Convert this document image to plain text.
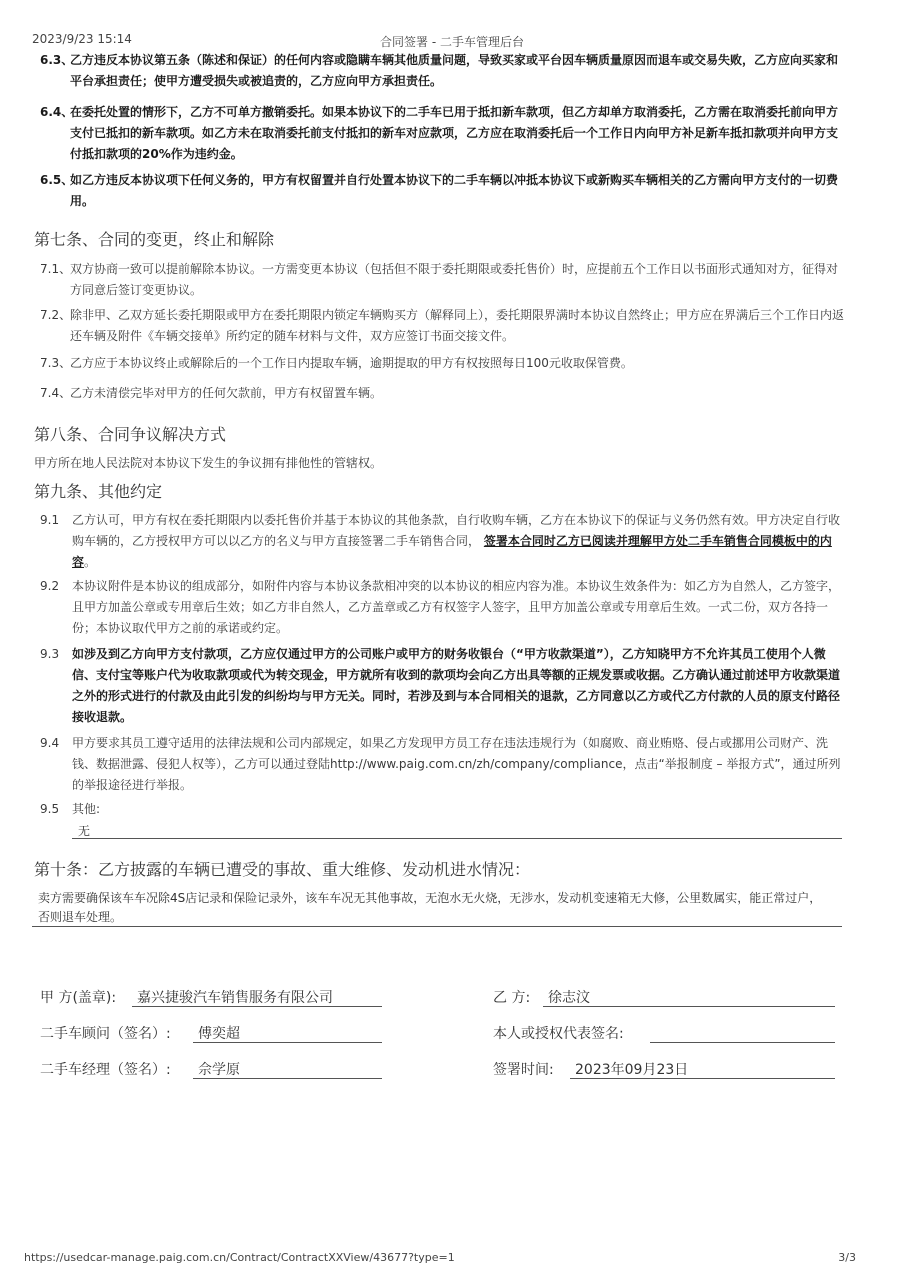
2023/9/23 15:14	合同签署 - 二手车管理后台
6.3、
乙方违反本协议第五条（陈述和保证）的任何内容或隐瞒车辆其他质量问题，导致买家或平台因车辆质量原因而退车或交易失败，乙方应向买家和平台承担责任；使甲方遭受损失或被追责的，乙方应向甲方承担责任。
6.4、
在委托处置的情形下，乙方不可单方撤销委托。如果本协议下的二手车已用于抵扣新车款项，但乙方却单方取消委托，乙方需在取消委托前向甲方支付已抵扣的新车款项。如乙方未在取消委托前支付抵扣的新车对应款项，乙方应在取消委托后一个工作日内向甲方补足新车抵扣款项并向甲方支付抵扣款项的20%作为违约金。
6.5、
如乙方违反本协议项下任何义务的，甲方有权留置并自行处置本协议下的二手车辆以冲抵本协议下或新购买车辆相关的乙方需向甲方支付的一切费用。
第七条、合同的变更，终止和解除
7.1、
双方协商一致可以提前解除本协议。一方需变更本协议（包括但不限于委托期限或委托售价）时，应提前五个工作日以书面形式通知对方，征得对方同意后签订变更协议。
7.2、
除非甲、乙双方延长委托期限或甲方在委托期限内锁定车辆购买方（解释同上），委托期限界满时本协议自然终止；甲方应在界满后三个工作日内返还车辆及附件《车辆交接单》所约定的随车材料与文件，双方应签订书面交接文件。
7.3、
乙方应于本协议终止或解除后的一个工作日内提取车辆，逾期提取的甲方有权按照每日100元收取保管费。
7.4、
乙方未清偿完毕对甲方的任何欠款前，甲方有权留置车辆。
第八条、合同争议解决方式
甲方所在地人民法院对本协议下发生的争议拥有排他性的管辖权。
第九条、其他约定
9.1 乙方认可，甲方有权在委托期限内以委托售价并基于本协议的其他条款，自行收购车辆，乙方在本协议下的保证与义务仍然有效。甲方决定自行收购车辆的，乙方授权甲方可以以乙方的名义与甲方直接签署二手车销售合同， 签署本合同时乙方已阅读并理解甲方处二手车销售合同模板中的内容。
9.2 本协议附件是本协议的组成部分，如附件内容与本协议条款相冲突的以本协议的相应内容为准。本协议生效条件为：如乙方为自然人，乙方签字，且甲方加盖公章或专用章后生效；如乙方非自然人，乙方盖章或乙方有权签字人签字，且甲方加盖公章或专用章后生效。一式二份，双方各持一份；本协议取代甲方之前的承诺或约定。
9.3 如涉及到乙方向甲方支付款项，乙方应仅通过甲方的公司账户或甲方的财务收银台（“甲方收款渠道”），乙方知晓甲方不允许其员工使用个人微信、支付宝等账户代为收取款项或代为转交现金，甲方就所有收到的款项均会向乙方出具等额的正规发票或收据。乙方确认通过前述甲方收款渠道之外的形式进行的付款及由此引发的纠纷均与甲方无关。同时，若涉及到与本合同相关的退款，乙方同意以乙方或代乙方付款的人员的原支付路径接收退款。
9.4 甲方要求其员工遵守适用的法律法规和公司内部规定，如果乙方发现甲方员工存在违法违规行为（如腐败、商业贿赂、侵占或挪用公司财产、洗钱、数据泄露、侵犯人权等），乙方可以通过登陆http://www.paig.com.cn/zh/company/compliance，点击“举报制度 – 举报方式”，通过所列的举报途径进行举报。
9.5 其他:
无
第十条：乙方披露的车辆已遭受的事故、重大维修、发动机进水情况：
卖方需要确保该车车况除4S店记录和保险记录外，该车车况无其他事故，无泡水无火烧，无涉水，发动机变速箱无大修，公里数属实，能正常过户，否则退车处理。
甲 方(盖章): 嘉兴捷骏汽车销售服务有限公司
二手车顾问（签名）: 傅奕超
二手车经理（签名）: 佘学原
乙 方: 徐志汶
本人或授权代表签名:
签署时间: 2023年09月23日
https://usedcar-manage.paig.com.cn/Contract/ContractXXView/43677?type=1	3/3
